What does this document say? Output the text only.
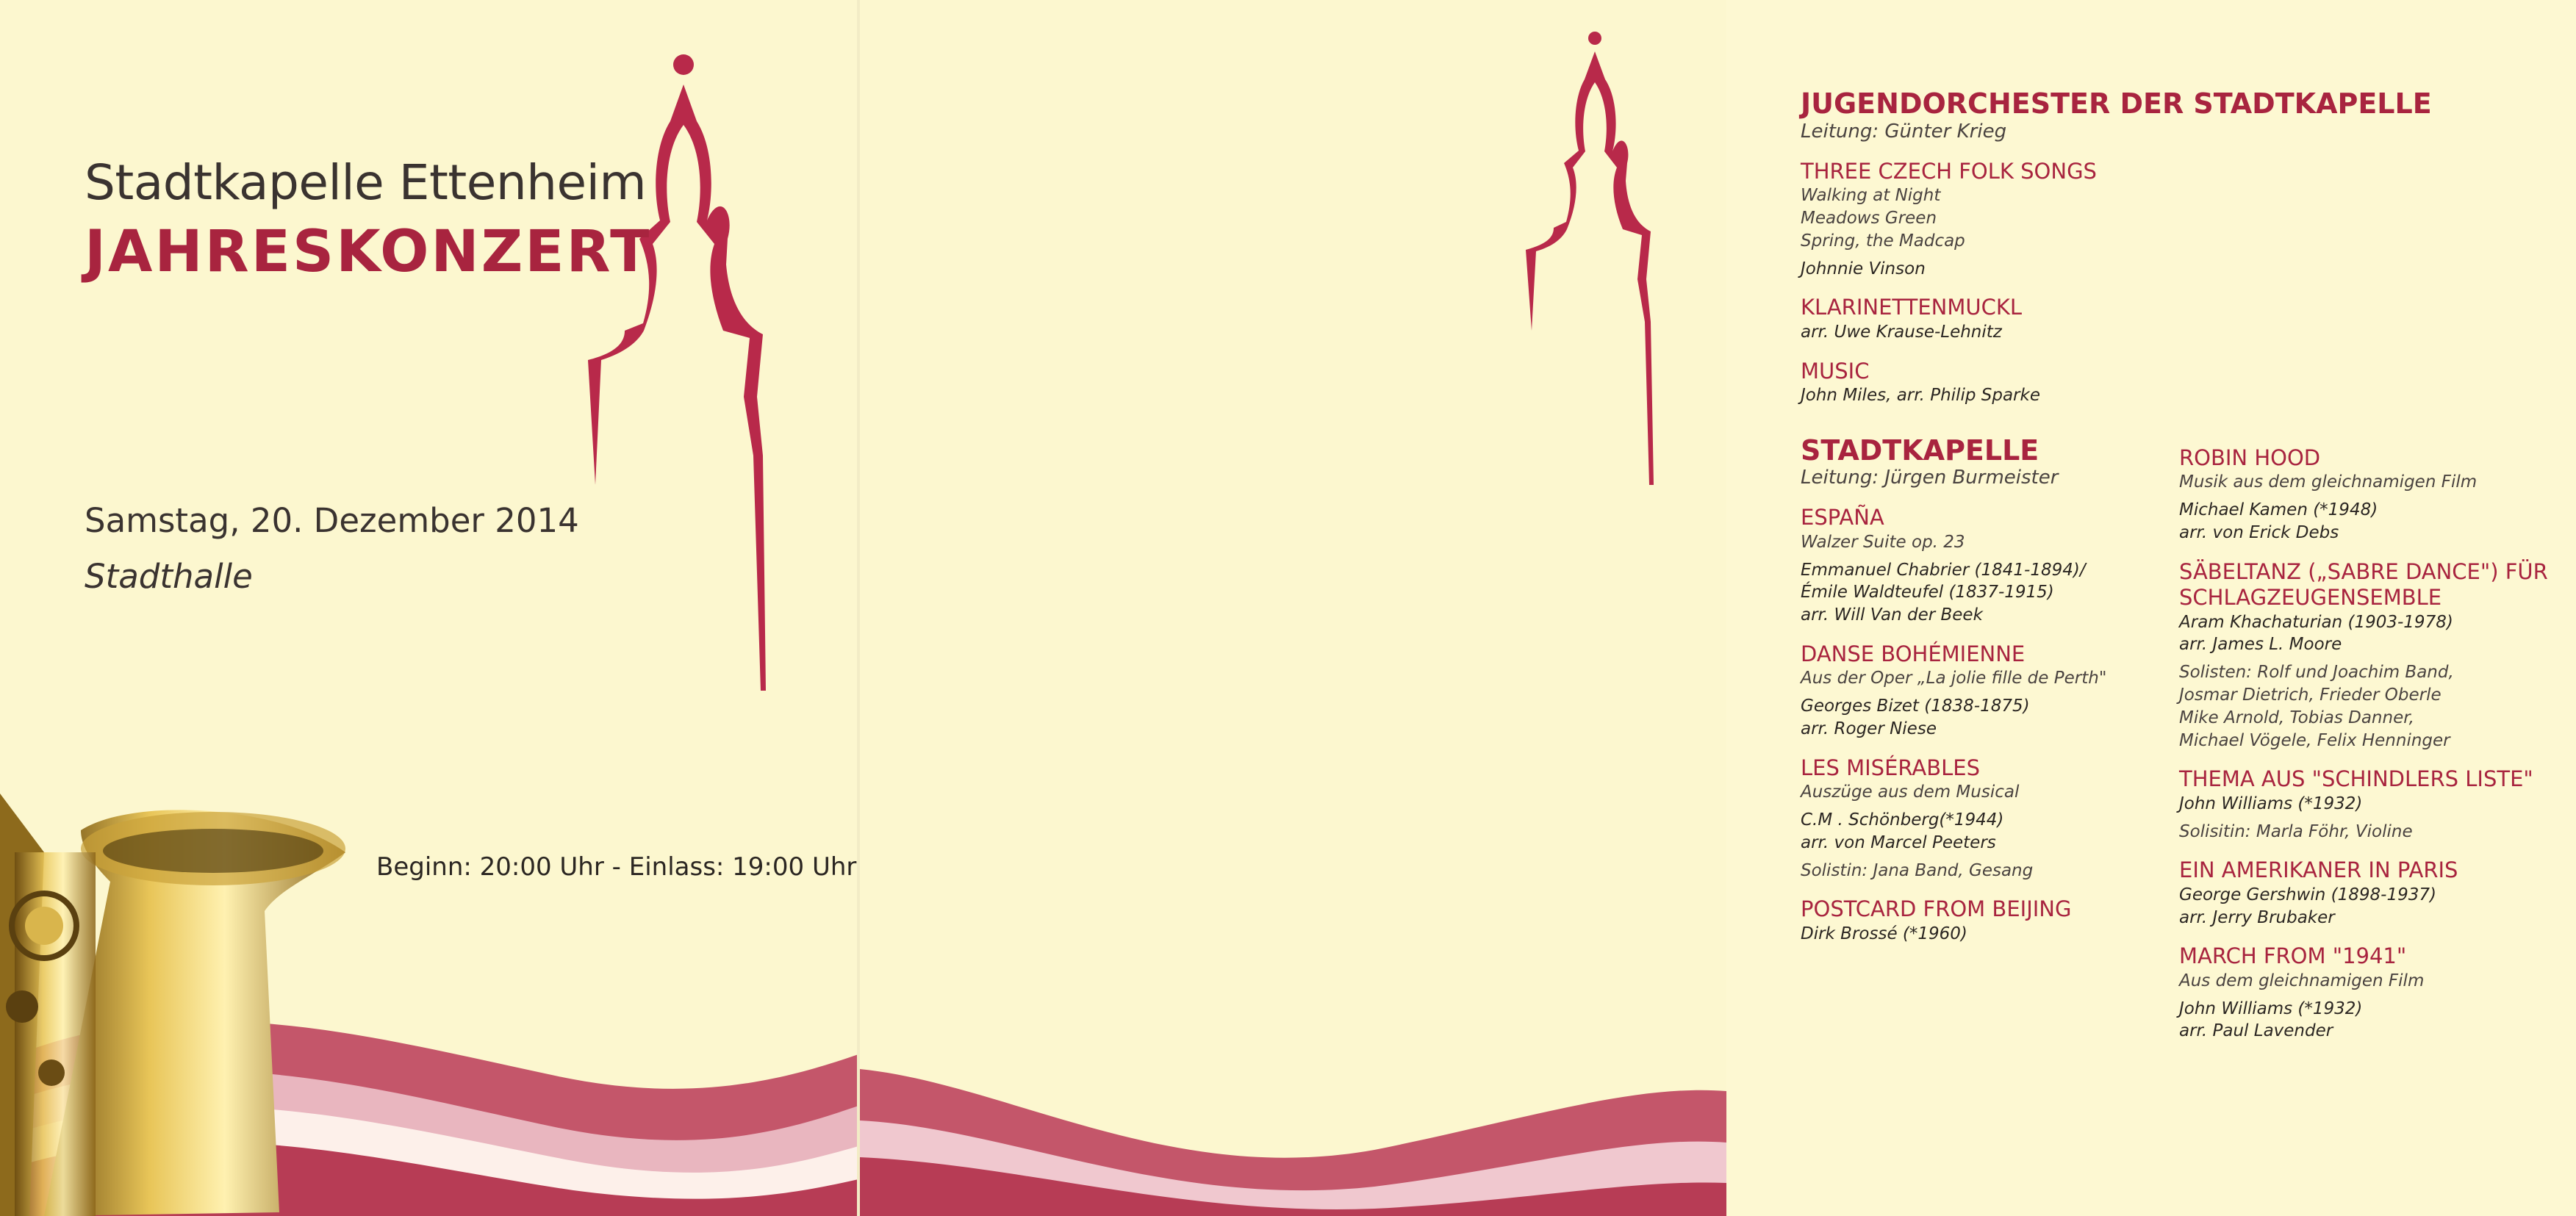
Stadtkapelle Ettenheim
JAHRESKONZERT
Samstag, 20. Dezember 2014
Stadthalle
Beginn: 20:00 Uhr - Einlass: 19:00 Uhr
JUGENDORCHESTER DER STADTKAPELLE
Leitung: Günter Krieg
THREE CZECH FOLK SONGS
Walking at Night
Meadows Green
Spring, the Madcap
Johnnie Vinson
KLARINETTENMUCKL
arr. Uwe Krause-Lehnitz
MUSIC
John Miles, arr. Philip Sparke
STADTKAPELLE
Leitung: Jürgen Burmeister
ESPAÑA
Walzer Suite op. 23
Emmanuel Chabrier (1841-1894)/
Émile Waldteufel (1837-1915)
arr. Will Van der Beek
DANSE BOHÉMIENNE
Aus der Oper „La jolie fille de Perth"
Georges Bizet (1838-1875)
arr. Roger Niese
LES MISÉRABLES
Auszüge aus dem Musical
C.M . Schönberg(*1944)
arr. von Marcel Peeters
Solistin: Jana Band, Gesang
POSTCARD FROM BEIJING
Dirk Brossé (*1960)
ROBIN HOOD
Musik aus dem gleichnamigen Film
Michael Kamen (*1948)
arr. von Erick Debs
SÄBELTANZ („SABRE DANCE") FÜR SCHLAGZEUGENSEMBLE
Aram Khachaturian (1903-1978)
arr. James L. Moore
Solisten: Rolf und Joachim Band,
Josmar Dietrich, Frieder Oberle
Mike Arnold, Tobias Danner,
Michael Vögele, Felix Henninger
THEMA AUS "SCHINDLERS LISTE"
John Williams (*1932)
Solisitin: Marla Föhr, Violine
EIN AMERIKANER IN PARIS
George Gershwin (1898-1937)
arr. Jerry Brubaker
MARCH FROM "1941"
Aus dem gleichnamigen Film
John Williams (*1932)
arr. Paul Lavender
